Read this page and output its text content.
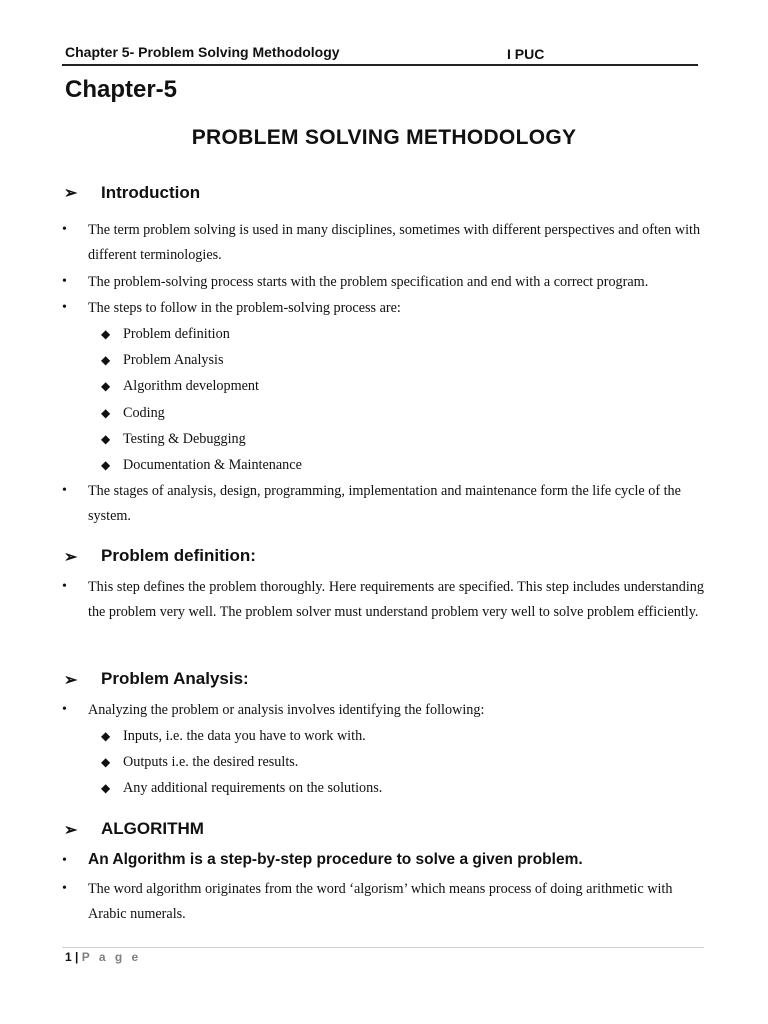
Chapter 5- Problem Solving Methodology	I PUC
Chapter-5
PROBLEM SOLVING METHODOLOGY
➢ Introduction
• The term problem solving is used in many disciplines, sometimes with different perspectives and often with different terminologies.
• The problem-solving process starts with the problem specification and end with a correct program.
• The steps to follow in the problem-solving process are:
◆ Problem definition
◆ Problem Analysis
◆ Algorithm development
◆ Coding
◆ Testing & Debugging
◆ Documentation & Maintenance
• The stages of analysis, design, programming, implementation and maintenance form the life cycle of the system.
➢ Problem definition:
• This step defines the problem thoroughly. Here requirements are specified. This step includes understanding the problem very well. The problem solver must understand problem very well to solve problem efficiently.
➢ Problem Analysis:
• Analyzing the problem or analysis involves identifying the following:
◆ Inputs, i.e. the data you have to work with.
◆ Outputs i.e. the desired results.
◆ Any additional requirements on the solutions.
➢ ALGORITHM
• An Algorithm is a step-by-step procedure to solve a given problem.
• The word algorithm originates from the word ‘algorism’ which means process of doing arithmetic with Arabic numerals.
1 | P a g e
